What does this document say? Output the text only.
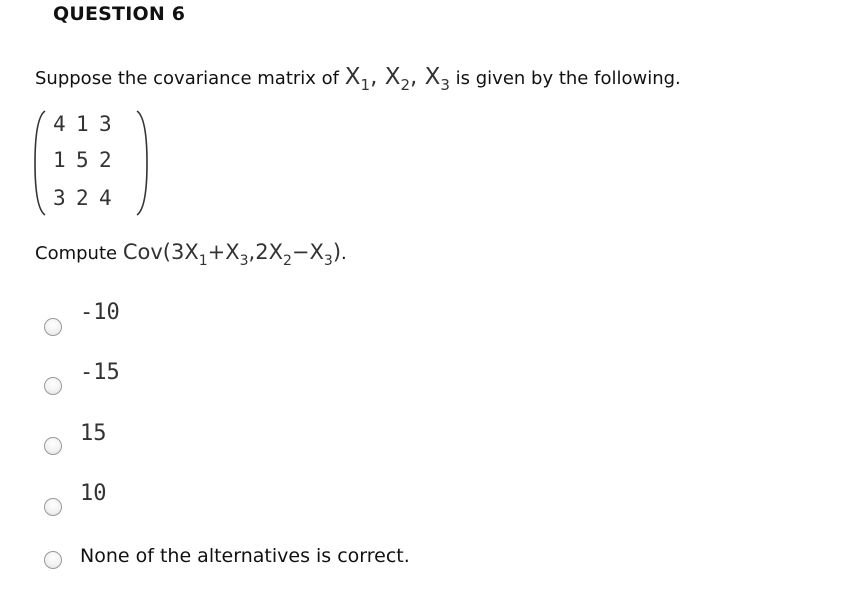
QUESTION 6
Suppose the covariance matrix of $X_1$, $X_2$, $X_3$ is given by the following.
4 1 3
1 5 2
3 2 4
Compute $Cov(3X_1+X_3,2X_2-X_3)$.
-10
-15
15
10
None of the alternatives is correct.
